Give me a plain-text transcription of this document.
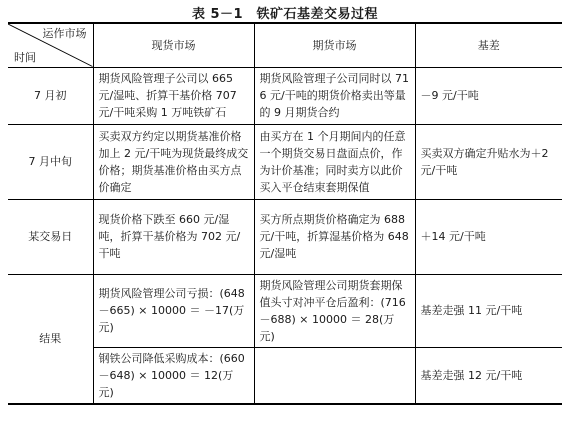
表 5－1　铁矿石基差交易过程
运作市场
时间	现货市场	期货市场	基差
7 月初	期货风险管理子公司以 665 元/湿吨、折算干基价格 707 元/干吨采购 1 万吨铁矿石	期货风险管理子公司同时以 716 元/干吨的期货价格卖出等量的 9 月期货合约	－9 元/干吨
7 月中旬	买卖双方约定以期货基准价格加上 2 元/干吨为现货最终成交价格；期货基准价格由买方点价确定	由买方在 1 个月期间内的任意一个期货交易日盘面点价，作为计价基准；同时卖方以此价买入平仓结束套期保值	买卖双方确定升贴水为＋2 元/干吨
某交易日	现货价格下跌至 660 元/湿吨，折算干基价格为 702 元/干吨	买方所点期货价格确定为 688 元/干吨，折算湿基价格为 648 元/湿吨	＋14 元/干吨
结果	期货风险管理公司亏损：(648－665) × 10000 ＝ －17(万元)	期货风险管理公司期货套期保值头寸对冲平仓后盈利：(716－688) × 10000 ＝ 28(万元)	基差走强 11 元/干吨
	钢铁公司降低采购成本：(660－648) × 10000 ＝ 12(万元)		基差走强 12 元/干吨
